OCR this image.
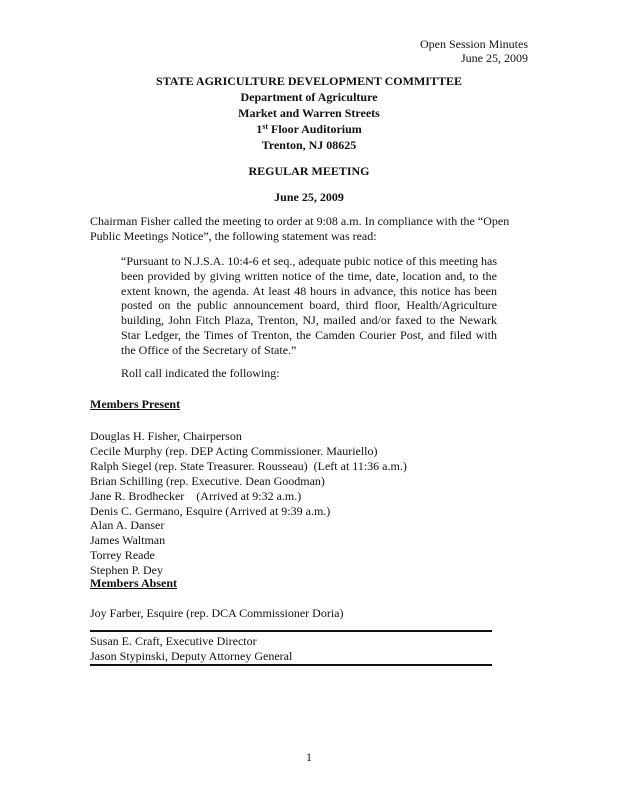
Open Session Minutes
June 25, 2009
STATE AGRICULTURE DEVELOPMENT COMMITTEE
Department of Agriculture
Market and Warren Streets
1st Floor Auditorium
Trenton, NJ 08625
REGULAR MEETING
June 25, 2009
Chairman Fisher called the meeting to order at 9:08 a.m. In compliance with the “Open Public Meetings Notice”, the following statement was read:
“Pursuant to N.J.S.A. 10:4-6 et seq., adequate pubic notice of this meeting has been provided by giving written notice of the time, date, location and, to the extent known, the agenda. At least 48 hours in advance, this notice has been posted on the public announcement board, third floor, Health/Agriculture building, John Fitch Plaza, Trenton, NJ, mailed and/or faxed to the Newark Star Ledger, the Times of Trenton, the Camden Courier Post, and filed with the Office of the Secretary of State.”
Roll call indicated the following:
Members Present
Douglas H. Fisher, Chairperson
Cecile Murphy (rep. DEP Acting Commissioner. Mauriello)
Ralph Siegel (rep. State Treasurer. Rousseau)  (Left at 11:36 a.m.)
Brian Schilling (rep. Executive. Dean Goodman)
Jane R. Brodhecker    (Arrived at 9:32 a.m.)
Denis C. Germano, Esquire (Arrived at 9:39 a.m.)
Alan A. Danser
James Waltman
Torrey Reade
Stephen P. Dey
Members Absent
Joy Farber, Esquire (rep. DCA Commissioner Doria)
Susan E. Craft, Executive Director
Jason Stypinski, Deputy Attorney General
1
